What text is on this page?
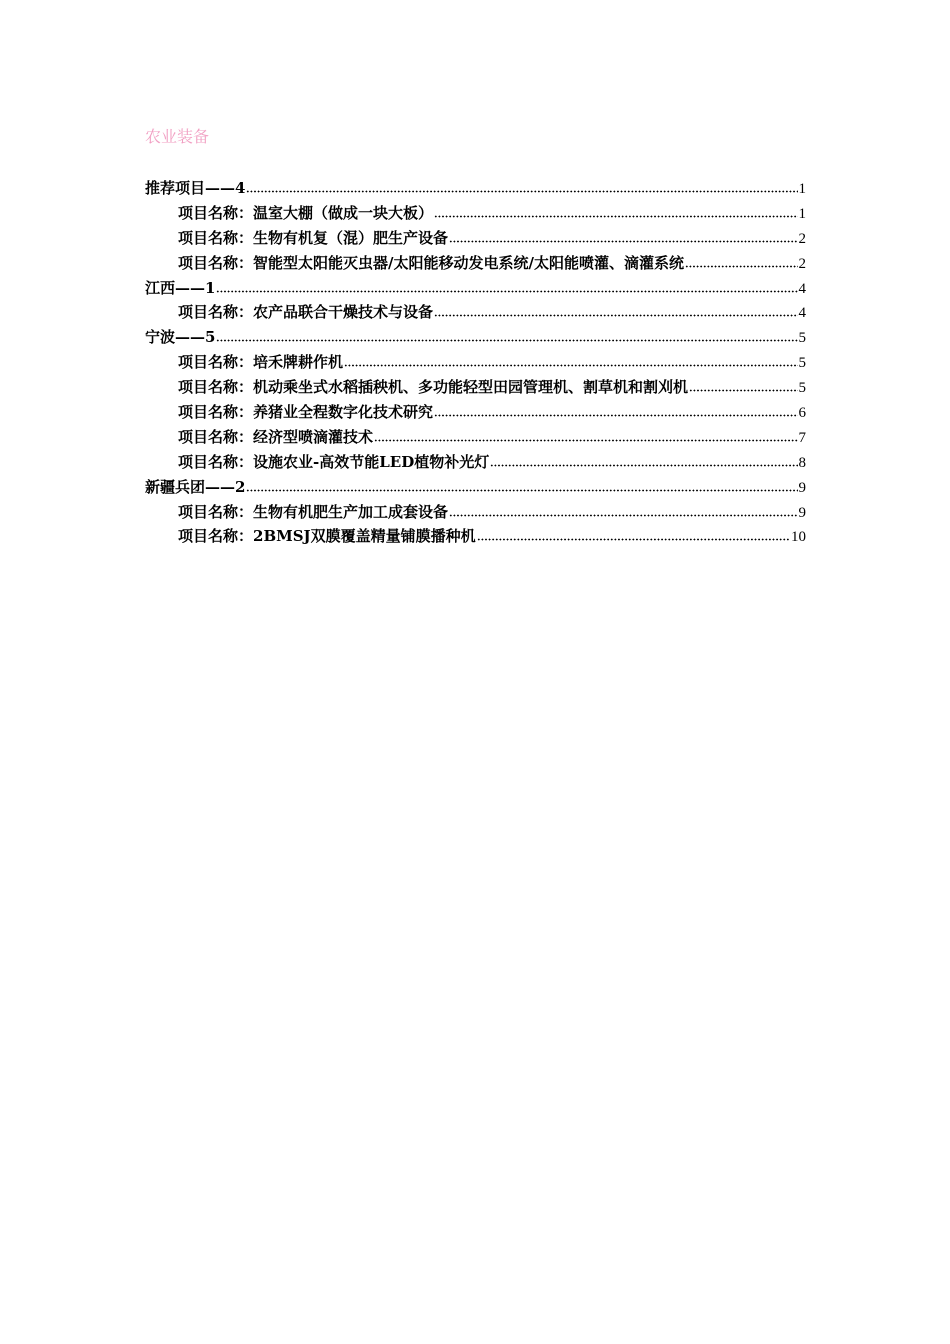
农业装备
推荐项目——4	1
项目名称：温室大棚（做成一块大板）	1
项目名称：生物有机复（混）肥生产设备	2
项目名称：智能型太阳能灭虫器/太阳能移动发电系统/太阳能喷灌、滴灌系统	2
江西——1	4
项目名称：农产品联合干燥技术与设备	4
宁波——5	5
项目名称：培禾牌耕作机	5
项目名称：机动乘坐式水稻插秧机、多功能轻型田园管理机、割草机和割刈机	5
项目名称：养猪业全程数字化技术研究	6
项目名称：经济型喷滴灌技术	7
项目名称：设施农业-高效节能LED植物补光灯	8
新疆兵团——2	9
项目名称：生物有机肥生产加工成套设备	9
项目名称：2BMSJ双膜覆盖精量铺膜播种机	10
